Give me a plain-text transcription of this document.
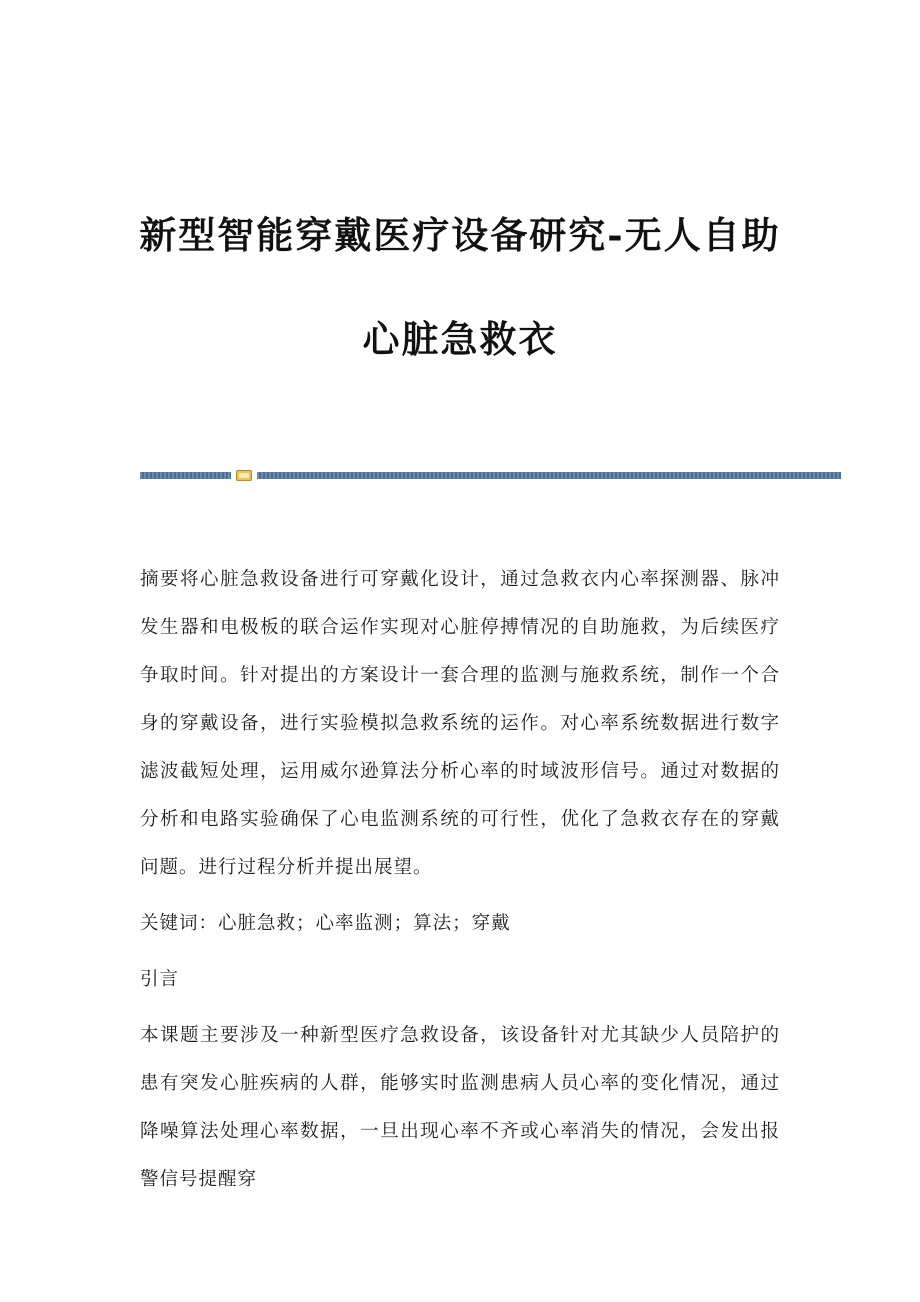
新型智能穿戴医疗设备研究-无人自助
心脏急救衣

摘要将心脏急救设备进行可穿戴化设计，通过急救衣内心率探测器、脉冲发生器和电极板的联合运作实现对心脏停搏情况的自助施救，为后续医疗争取时间。针对提出的方案设计一套合理的监测与施救系统，制作一个合身的穿戴设备，进行实验模拟急救系统的运作。对心率系统数据进行数字滤波截短处理，运用威尔逊算法分析心率的时域波形信号。通过对数据的分析和电路实验确保了心电监测系统的可行性，优化了急救衣存在的穿戴问题。进行过程分析并提出展望。

关键词：心脏急救；心率监测；算法；穿戴

引言

本课题主要涉及一种新型医疗急救设备，该设备针对尤其缺少人员陪护的患有突发心脏疾病的人群，能够实时监测患病人员心率的变化情况，通过降噪算法处理心率数据，一旦出现心率不齐或心率消失的情况，会发出报警信号提醒穿
